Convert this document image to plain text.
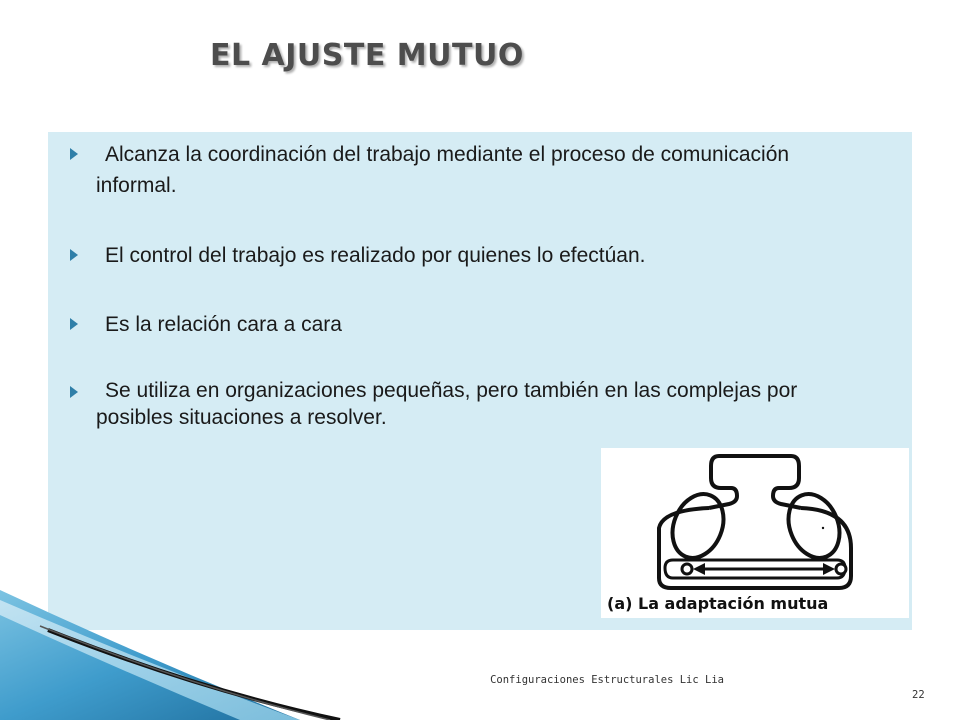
EL AJUSTE MUTUO
Alcanza la coordinación del trabajo mediante el proceso de comunicación informal.
El control del trabajo es realizado por quienes lo efectúan.
Es la relación cara a cara
Se utiliza en organizaciones pequeñas, pero también en las complejas por posibles situaciones a resolver.
(a) La adaptación mutua
Configuraciones Estructurales Lic Lia
22
